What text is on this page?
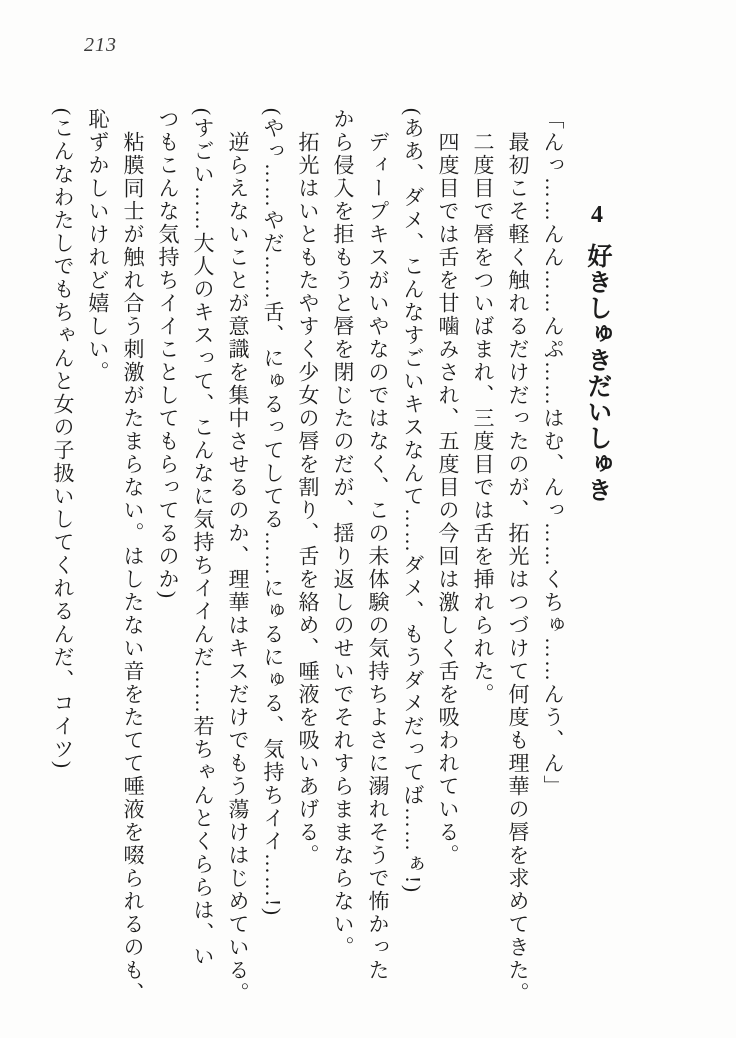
213
4好きしゅきだいしゅき

「んっ……んん……んぷ……はむ、んっ……くちゅ……んう、ん」

最初こそ軽く触れるだけだったのが、拓光はつづけて何度も理華の唇を求めてきた。

二度目で唇をついばまれ、三度目では舌を挿れられた。

四度目では舌を甘噛みされ、五度目の今回は激しく舌を吸われている。

(ああ、ダメ、こんなすごいキスなんて……ダメ、もうダメだってば……ぁ!)

ディープキスがいやなのではなく、この未体験の気持ちよさに溺れそうで怖かった

から侵入を拒もうと唇を閉じたのだが、揺り返しのせいでそれすらままならない。

拓光はいともたやすく少女の唇を割り、舌を絡め、唾液を吸いあげる。

(やっ……やだ……舌、にゅるってしてる……にゅるにゅる、気持ちイイ……!)

逆らえないことが意識を集中させるのか、理華はキスだけでもう蕩けはじめている。

(すごい……大人のキスって、こんなに気持ちイイんだ……若ちゃんとくららは、い

つもこんな気持ちイイことしてもらってるのか)

粘膜同士が触れ合う刺激がたまらない。はしたない音をたてて唾液を啜られるのも、

恥ずかしいけれど嬉しい。

(こんなわたしでもちゃんと女の子扱いしてくれるんだ、コイツ)
